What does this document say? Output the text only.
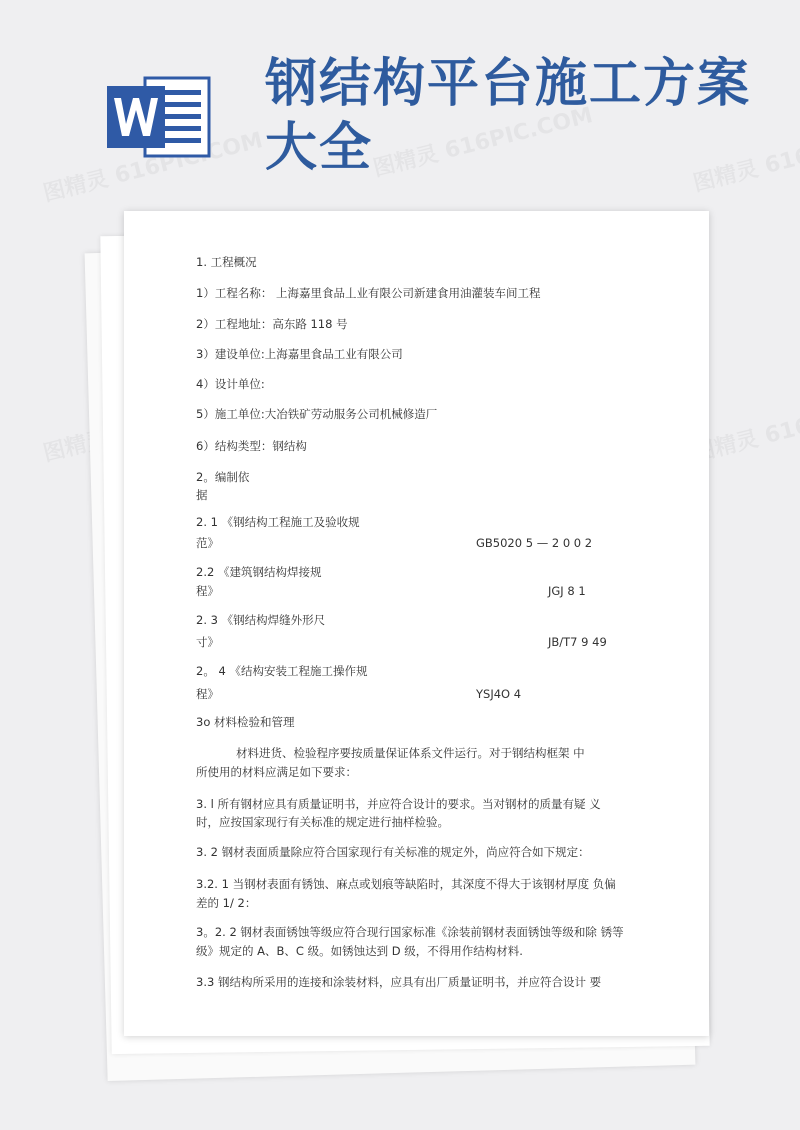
钢结构平台施工方案大全
1. 工程概况
1）工程名称： 上海嘉里食品丄业有限公司新建食用油灌装车间工程
2）工程地址：高东路 118 号
3）建设单位:上海嘉里食品工业有限公司
4）设计单位:
5）施工单位:大冶铁矿劳动服务公司机械修造厂
6）结构类型：钢结构
2。编制依
据
2. 1 《钢结构工程施工及验收规
范》	GB5020 5 — 2 0 0 2
2.2 《建筑钢结构焊接规
程》	JGJ 8 1
2. 3 《钢结构焊缝外形尺
寸》	JB/T7 9 49
2。 4 《结构安装工程施工操作规
程》	YSJ4O 4
3o 材料检验和管理
材料进货、检验程序要按质量保证体系文件运行。对于钢结构框架 中
所使用的材料应满足如下要求：
3. l 所有钢材应具有质量证明书，并应符合设计的要求。当对钢材的质量有疑 义
时，应按国家现行有关标准的规定进行抽样检验。
3. 2 钢材表面质量除应符合国家现行有关标准的规定外，尚应符合如下规定：
3.2. 1 当钢材表面有锈蚀、麻点或划痕等缺陷时，其深度不得大于该钢材厚度 负偏
差的 1/ 2：
3。2. 2 钢材表面锈蚀等级应符合现行国家标准《涂装前钢材表面锈蚀等级和除 锈等
级》规定的 A、B、C 级。如锈蚀达到 D 级，不得用作结构材料.
3.3 钢结构所采用的连接和涂装材料，应具有出厂质量证明书，并应符合设计 要
